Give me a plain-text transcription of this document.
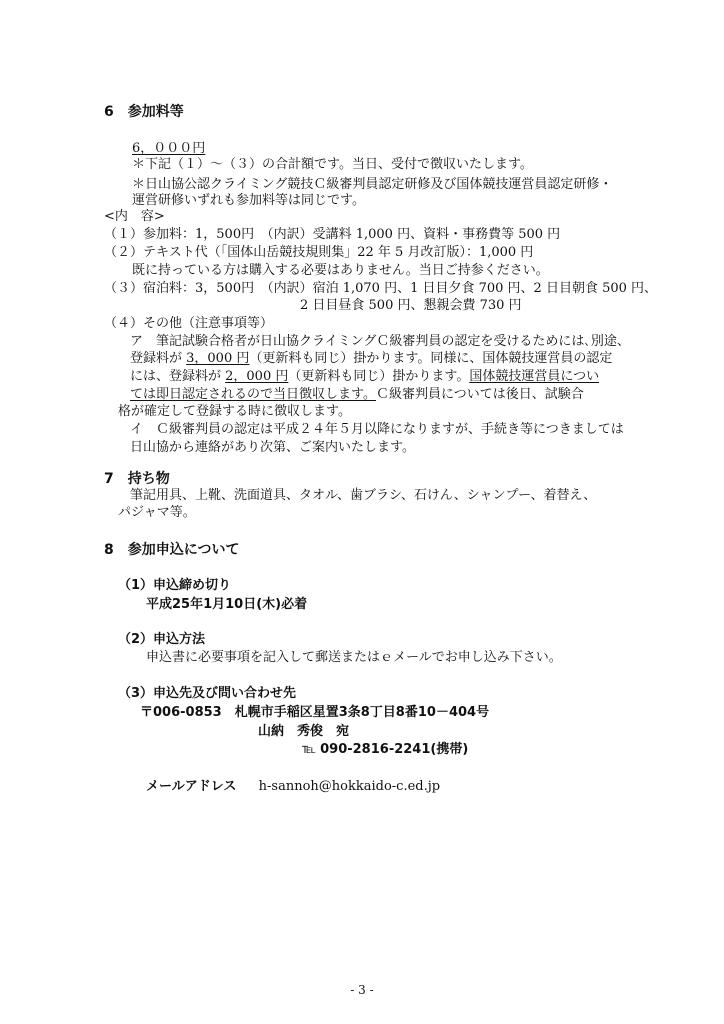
6　参加料等
6，０００円
＊下記（１）～（３）の合計額です。当日、受付で徴収いたします。
＊日山協公認クライミング競技Ｃ級審判員認定研修及び国体競技運営員認定研修・
運営研修いずれも参加料等は同じです。
<内　容>
（１）参加料：1，500円　（内訳）受講料 1,000 円、資料・事務費等 500 円
（２）テキスト代（「国体山岳競技規則集」22 年 5 月改訂版）：1,000 円
既に持っている方は購入する必要はありません。当日ご持参ください。
（３）宿泊料：3，500円　（内訳）宿泊 1,070 円、1 日目夕食 700 円、2 日目朝食 500 円、
2 日目昼食 500 円、懇親会費 730 円
（４）その他（注意事項等）
ア　筆記試験合格者が日山協クライミングＣ級審判員の認定を受けるためには､別途、
登録料が 3，000 円（更新料も同じ）掛かります。同様に、国体競技運営員の認定
には、登録料が 2，000 円（更新料も同じ）掛かります。国体競技運営員につい
ては即日認定されるので当日徴収します。Ｃ級審判員については後日、試験合
格が確定して登録する時に徴収します。
イ　Ｃ級審判員の認定は平成２４年５月以降になりますが、手続き等につきましては
日山協から連絡があり次第、ご案内いたします。
7　持ち物
筆記用具、上靴、洗面道具、タオル、歯ブラシ、石けん、シャンプー、着替え、
パジャマ等。
8　参加申込について
（1）申込締め切り
平成25年1月10日(木)必着
（2）申込方法
申込書に必要事項を記入して郵送またはｅメールでお申し込み下さい。
（3）申込先及び問い合わせ先
〒006-0853　札幌市手稲区星置3条8丁目8番10－404号
山納　秀俊　宛
℡ 090-2816-2241(携帯)
メールアドレス h-sannoh@hokkaido-c.ed.jp
- 3 -
